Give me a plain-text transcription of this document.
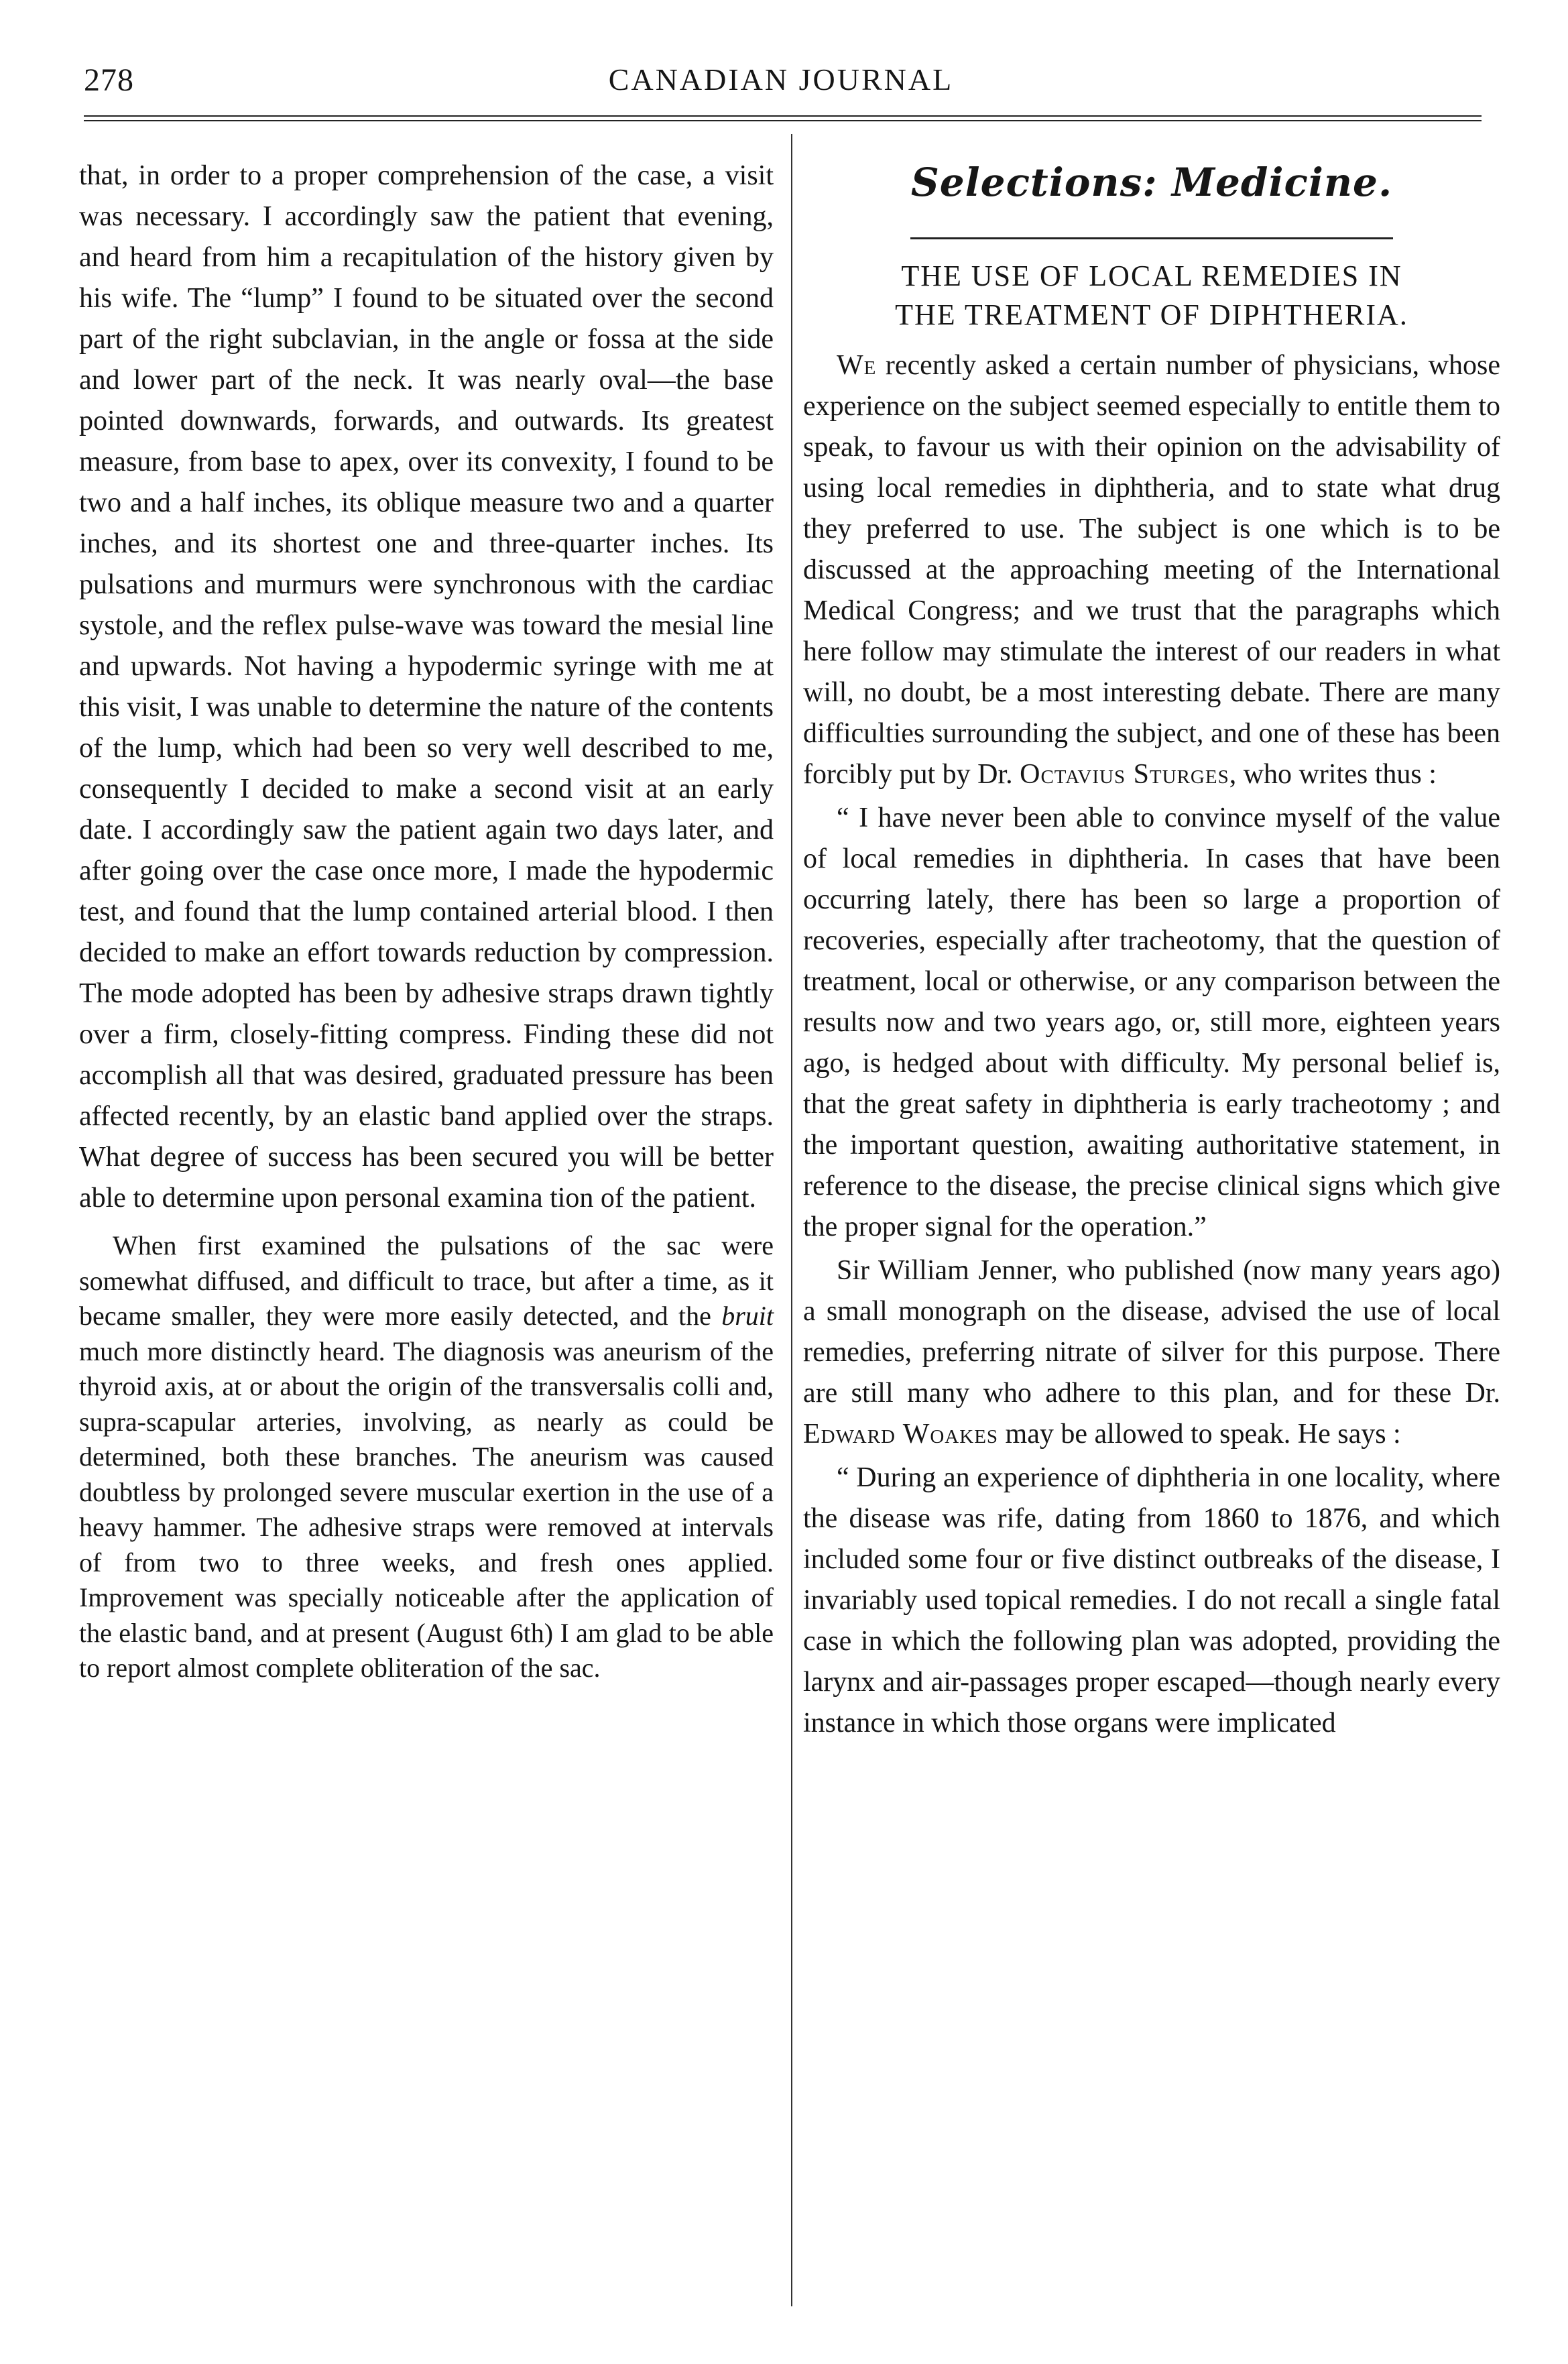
278	CANADIAN JOURNAL

that, in order to a proper comprehension of the case, a visit was necessary. I accordingly saw the patient that evening, and heard from him a recapitulation of the history given by his wife. The “lump” I found to be situated over the second part of the right subclavian, in the angle or fossa at the side and lower part of the neck. It was nearly oval—the base pointed downwards, forwards, and outwards. Its greatest measure, from base to apex, over its convexity, I found to be two and a half inches, its oblique measure two and a quarter inches, and its shortest one and three-quarter inches. Its pulsations and murmurs were synchronous with the cardiac systole, and the reflex pulse-wave was toward the mesial line and upwards. Not having a hypodermic syringe with me at this visit, I was unable to determine the nature of the contents of the lump, which had been so very well described to me, consequently I decided to make a second visit at an early date. I accordingly saw the patient again two days later, and after going over the case once more, I made the hypodermic test, and found that the lump contained arterial blood. I then decided to make an effort towards reduction by compression. The mode adopted has been by adhesive straps drawn tightly over a firm, closely-fitting compress. Finding these did not accomplish all that was desired, graduated pressure has been affected recently, by an elastic band applied over the straps. What degree of success has been secured you will be better able to determine upon personal examina tion of the patient.

When first examined the pulsations of the sac were somewhat diffused, and difficult to trace, but after a time, as it became smaller, they were more easily detected, and the bruit much more distinctly heard. The diagnosis was aneurism of the thyroid axis, at or about the origin of the transversalis colli and, supra-scapular arteries, involving, as nearly as could be determined, both these branches. The aneurism was caused doubtless by prolonged severe muscular exertion in the use of a heavy hammer. The adhesive straps were removed at intervals of from two to three weeks, and fresh ones applied. Improvement was specially noticeable after the application of the elastic band, and at present (August 6th) I am glad to be able to report almost complete obliteration of the sac.

Selections: Medicine.
THE USE OF LOCAL REMEDIES IN
THE TREATMENT OF DIPHTHERIA.

We recently asked a certain number of physicians, whose experience on the subject seemed especially to entitle them to speak, to favour us with their opinion on the advisability of using local remedies in diphtheria, and to state what drug they preferred to use. The subject is one which is to be discussed at the approaching meeting of the International Medical Congress; and we trust that the paragraphs which here follow may stimulate the interest of our readers in what will, no doubt, be a most interesting debate. There are many difficulties surrounding the subject, and one of these has been forcibly put by Dr. Octavius Sturges, who writes thus :

“ I have never been able to convince myself of the value of local remedies in diphtheria. In cases that have been occurring lately, there has been so large a proportion of recoveries, especially after tracheotomy, that the question of treatment, local or otherwise, or any comparison between the results now and two years ago, or, still more, eighteen years ago, is hedged about with difficulty. My personal belief is, that the great safety in diphtheria is early tracheotomy ; and the important question, awaiting authoritative statement, in reference to the disease, the precise clinical signs which give the proper signal for the operation.”

Sir William Jenner, who published (now many years ago) a small monograph on the disease, advised the use of local remedies, preferring nitrate of silver for this purpose. There are still many who adhere to this plan, and for these Dr. Edward Woakes may be allowed to speak. He says :

“ During an experience of diphtheria in one locality, where the disease was rife, dating from 1860 to 1876, and which included some four or five distinct outbreaks of the disease, I invariably used topical remedies. I do not recall a single fatal case in which the following plan was adopted, providing the larynx and air-passages proper escaped—though nearly every instance in which those organs were implicated
